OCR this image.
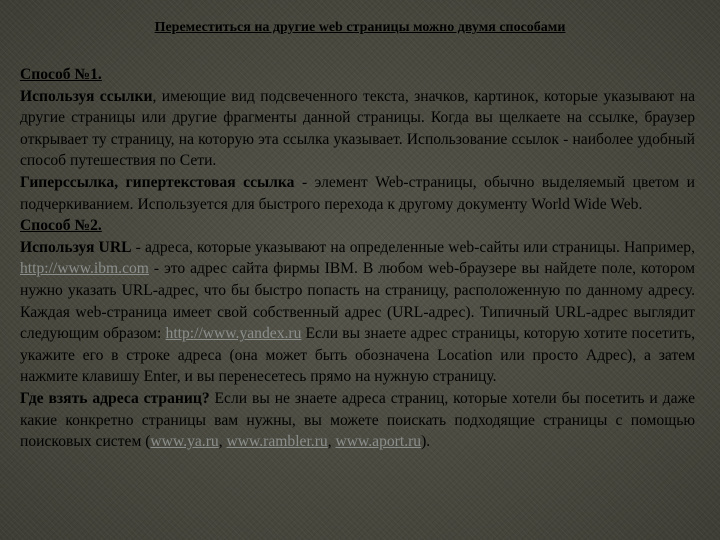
Переместиться на другие web страницы можно двумя способами

Способ №1.

Используя ссылки, имеющие вид подсвеченного текста, значков, картинок, которые указывают на другие страницы или другие фрагменты данной страницы. Когда вы щелкаете на ссылке, браузер открывает ту страницу, на которую эта ссылка указывает. Использование ссылок - наиболее удобный способ путешествия по Сети.

Гиперссылка, гипертекстовая ссылка - элемент Web-страницы, обычно выделяемый цветом и подчеркиванием. Используется для быстрого перехода к другому документу World Wide Web.

Способ №2.

Используя URL - адреса, которые указывают на определенные web-сайты или страницы. Например, http://www.ibm.com - это адрес сайта фирмы IBM. В любом web-браузере вы найдете поле, котором нужно указать URL-адрес, что бы быстро попасть на страницу, расположенную по данному адресу. Каждая web-страница имеет свой собственный адрес (URL-адрес). Типичный URL-адрес выглядит следующим образом: http://www.yandex.ru Если вы знаете адрес страницы, которую хотите посетить, укажите его в строке адреса (она может быть обозначена Location или просто Адрес), а затем нажмите клавишу Enter, и вы перенесетесь прямо на нужную страницу.

Где взять адреса страниц? Если вы не знаете адреса страниц, которые хотели бы посетить и даже какие конкретно страницы вам нужны, вы можете поискать подходящие страницы с помощью поисковых систем (www.ya.ru, www.rambler.ru, www.aport.ru).
